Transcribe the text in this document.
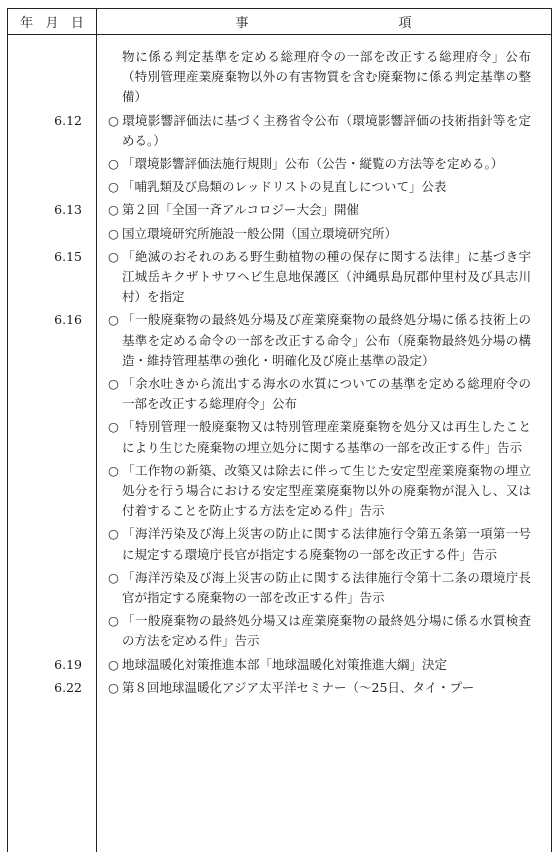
年 月 日	事	項
物に係る判定基準を定める総理府令の一部を改正する総理府令」公布（特別管理産業廃棄物以外の有害物質を含む廃棄物に係る判定基準の整備）
6.12	○ 環境影響評価法に基づく主務省令公布（環境影響評価の技術指針等を定める。）
○ 「環境影響評価法施行規則」公布（公告・縦覧の方法等を定める。）
○ 「哺乳類及び鳥類のレッドリストの見直しについて」公表
6.13	○ 第２回「全国一斉アルコロジー大会」開催
○ 国立環境研究所施設一般公開（国立環境研究所）
6.15	○ 「絶滅のおそれのある野生動植物の種の保存に関する法律」に基づき宇江城岳キクザトサワヘビ生息地保護区（沖縄県島尻郡仲里村及び具志川村）を指定
6.16	○ 「一般廃棄物の最終処分場及び産業廃棄物の最終処分場に係る技術上の基準を定める命令の一部を改正する命令」公布（廃棄物最終処分場の構造・維持管理基準の強化・明確化及び廃止基準の設定）
○ 「余水吐きから流出する海水の水質についての基準を定める総理府令の一部を改正する総理府令」公布
○ 「特別管理一般廃棄物又は特別管理産業廃棄物を処分又は再生したことにより生じた廃棄物の埋立処分に関する基準の一部を改正する件」告示
○ 「工作物の新築、改築又は除去に伴って生じた安定型産業廃棄物の埋立処分を行う場合における安定型産業廃棄物以外の廃棄物が混入し、又は付着することを防止する方法を定める件」告示
○ 「海洋汚染及び海上災害の防止に関する法律施行令第五条第一項第一号に規定する環境庁長官が指定する廃棄物の一部を改正する件」告示
○ 「海洋汚染及び海上災害の防止に関する法律施行令第十二条の環境庁長官が指定する廃棄物の一部を改正する件」告示
○ 「一般廃棄物の最終処分場又は産業廃棄物の最終処分場に係る水質検査の方法を定める件」告示
6.19	○ 地球温暖化対策推進本部「地球温暖化対策推進大綱」決定
6.22	○ 第８回地球温暖化アジア太平洋セミナー（～25日、タイ・プー
